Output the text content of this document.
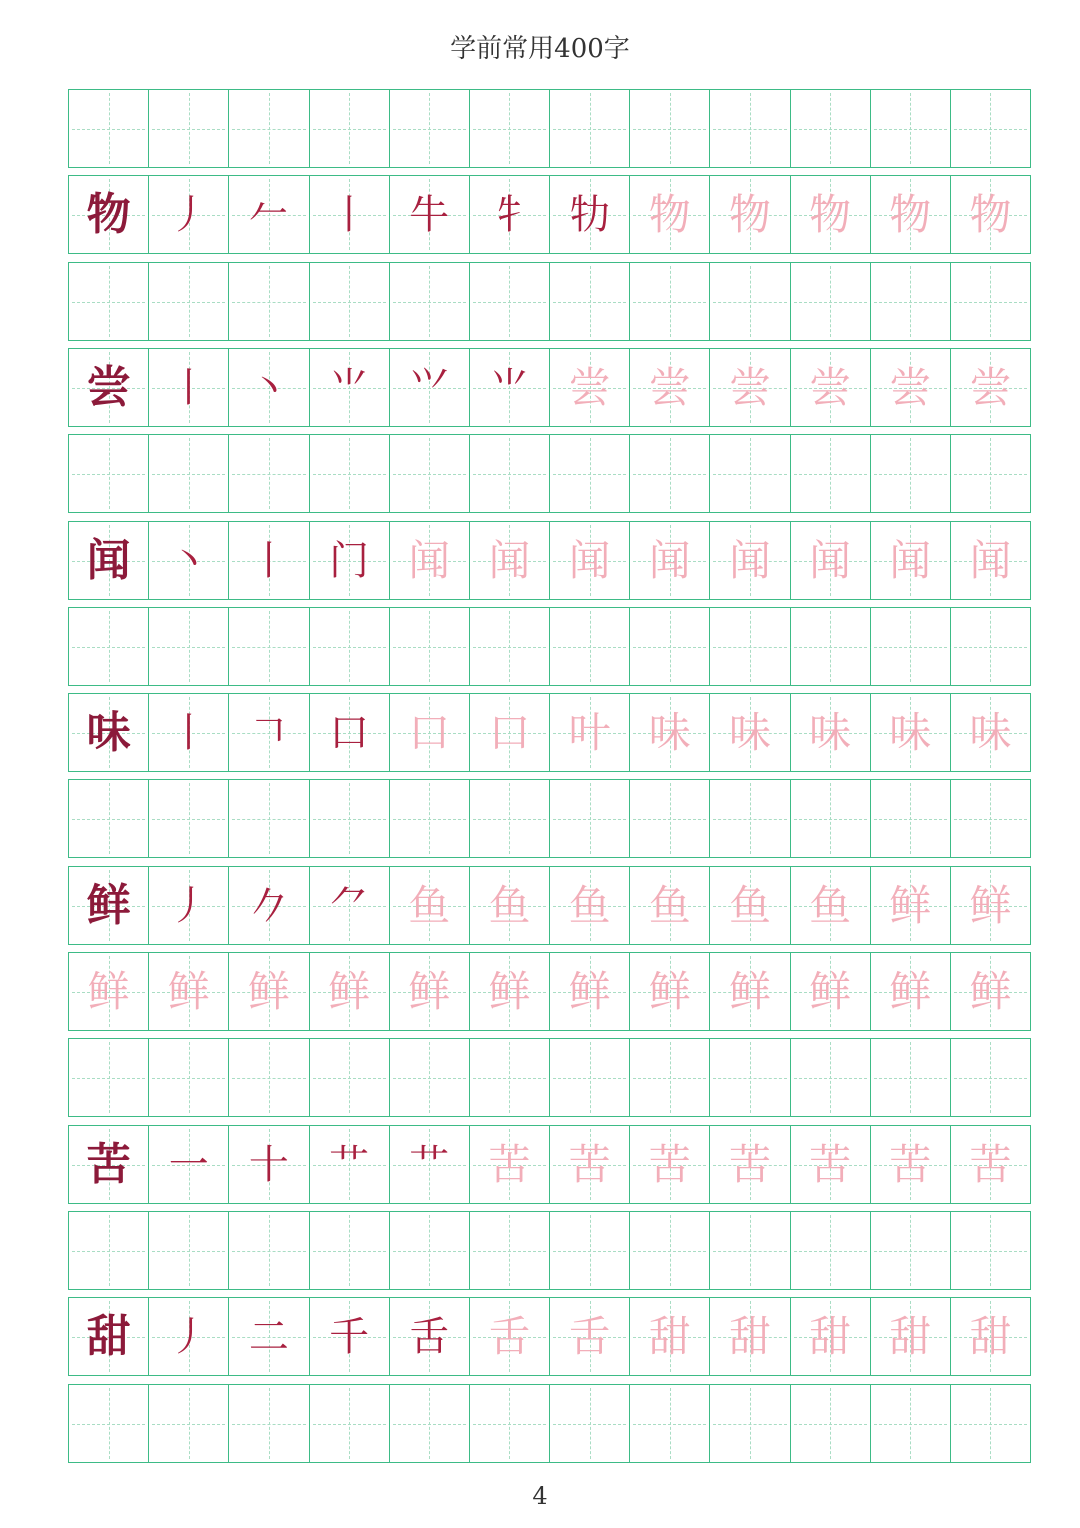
学前常用400字
物 丿 𠂉 丨 牛 牜 牞 物 物 物 物 物
尝 丨 丶 ⺌ ⺍ ⺌ 尝 尝 尝 尝 尝 尝
闻 丶 丨 门 闻 闻 闻 闻 闻 闻 闻 闻
味 丨 𠃍 口 口 口 叶 味 味 味 味 味
鲜 丿 𠂊 ⺈ 鱼 鱼 鱼 鱼 鱼 鱼 鲜 鲜
鲜 鲜 鲜 鲜 鲜 鲜 鲜 鲜 鲜 鲜 鲜 鲜
苦 一 十 艹 艹 苦 苦 苦 苦 苦 苦 苦
甜 丿 二 千 舌 舌 舌 甜 甜 甜 甜 甜
4
